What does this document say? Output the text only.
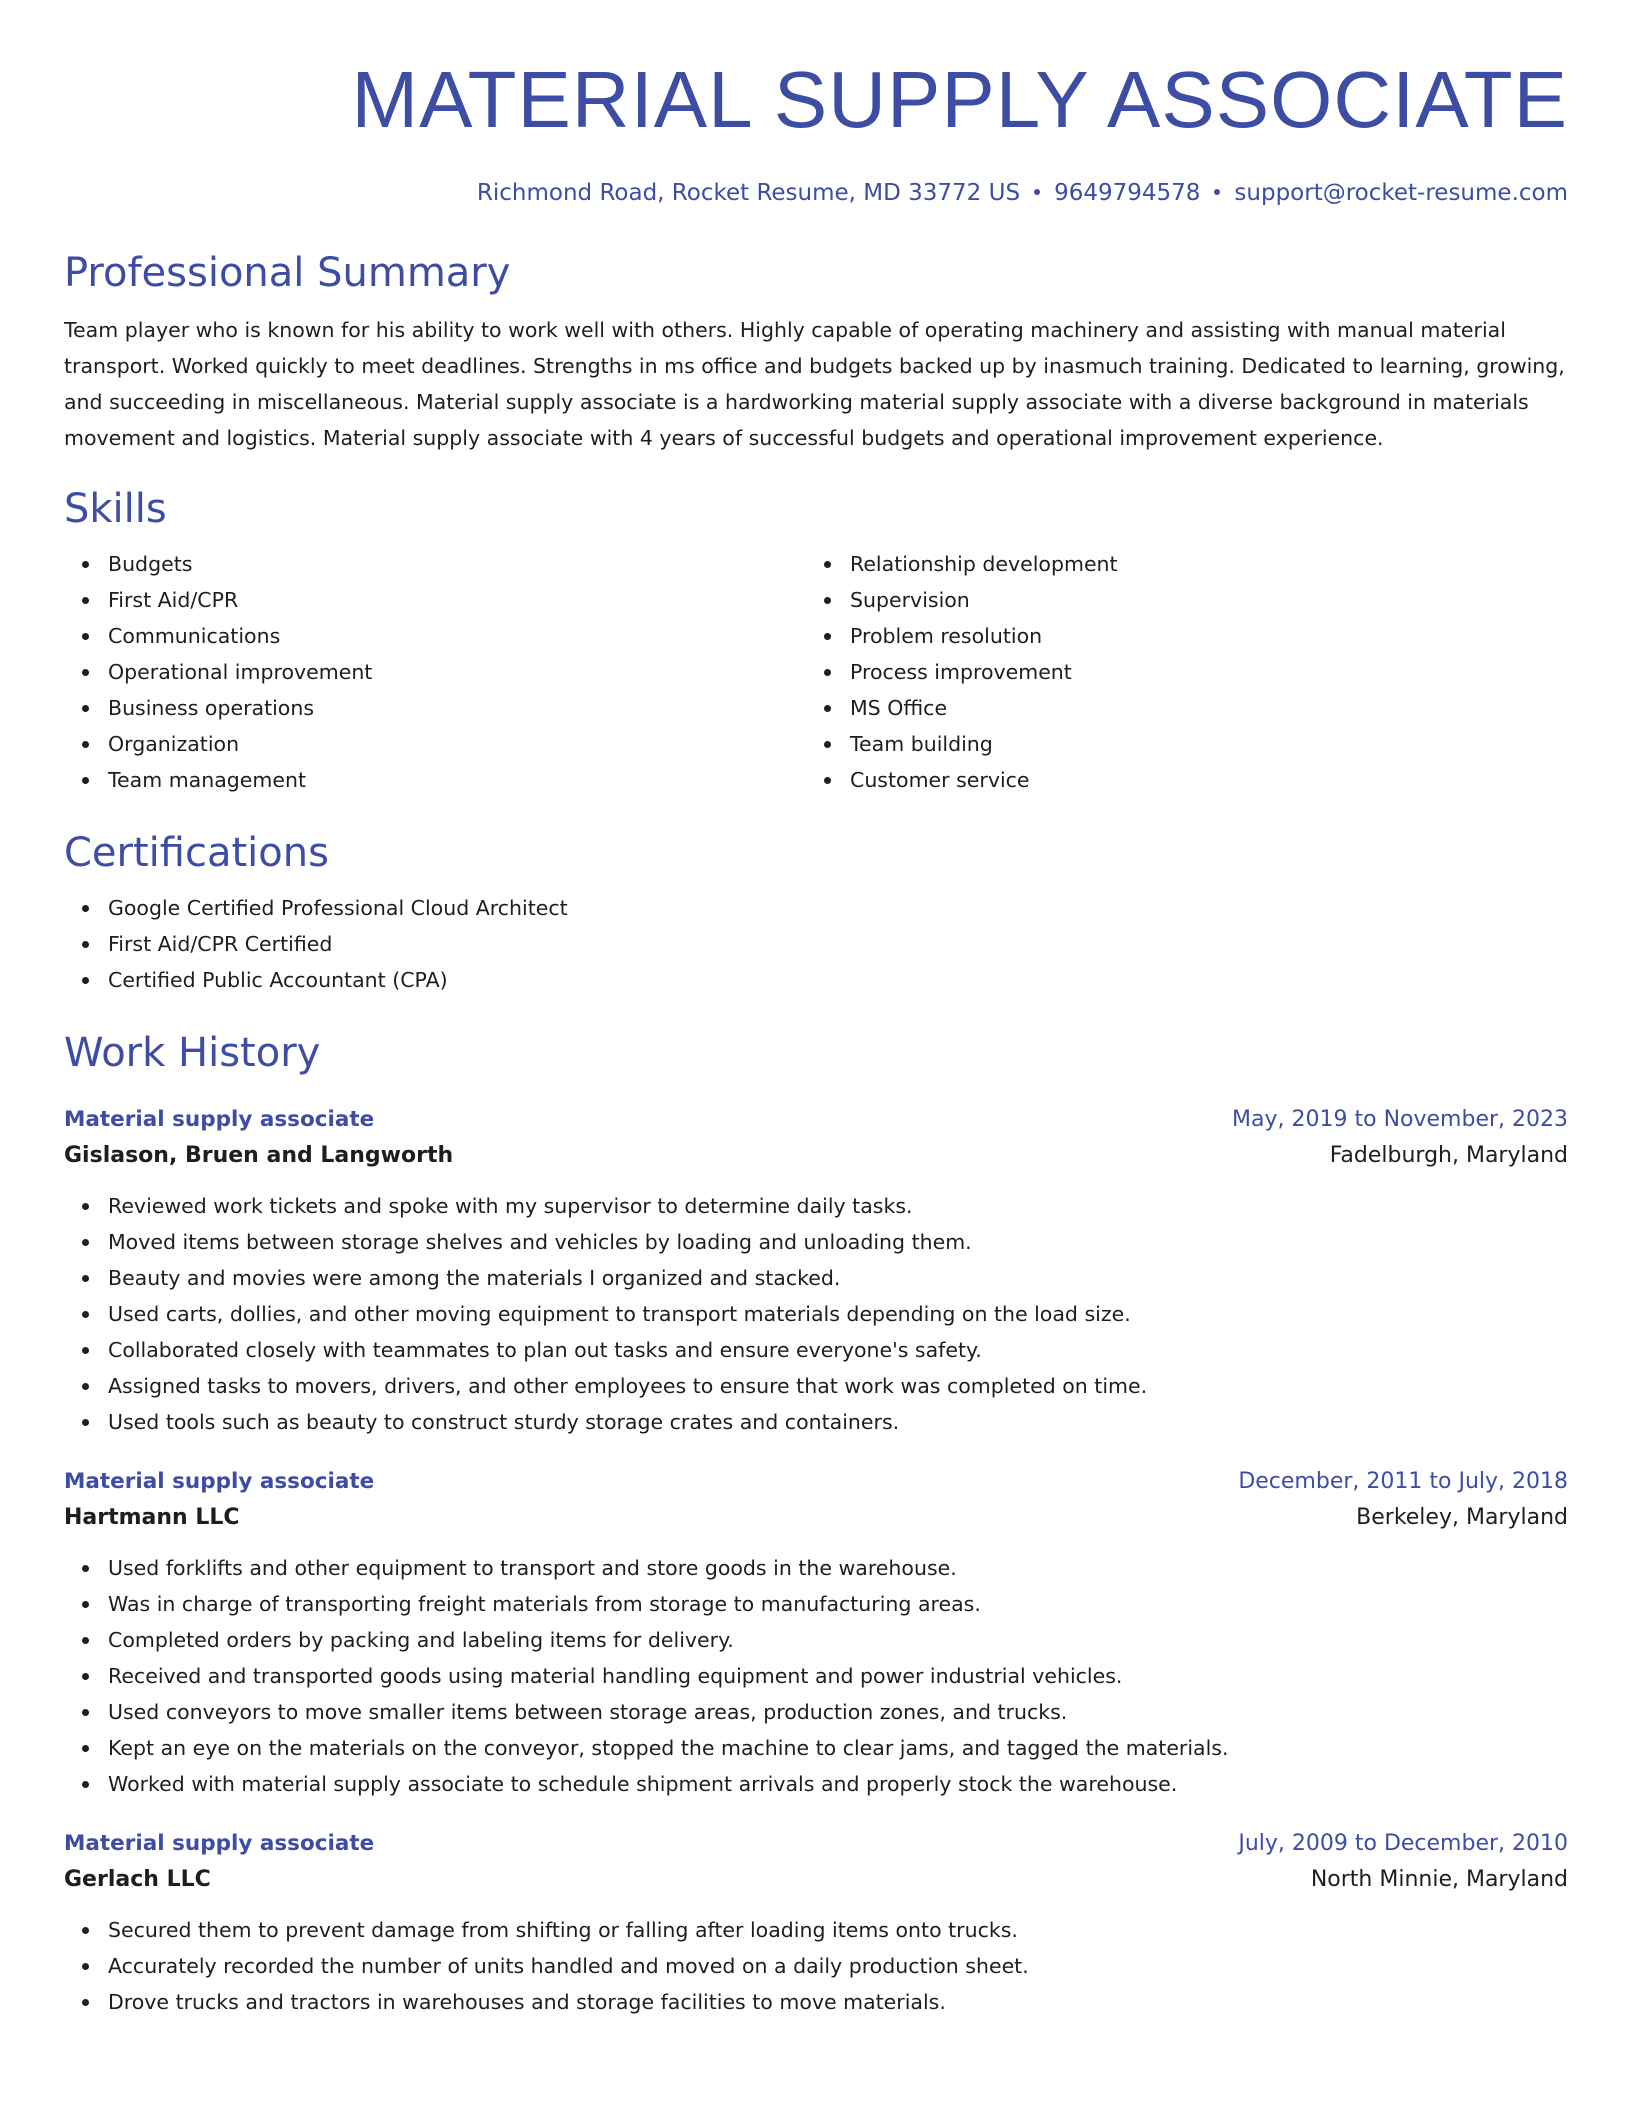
MATERIAL SUPPLY ASSOCIATE
Richmond Road, Rocket Resume, MD 33772 US 9649794578 support@rocket-resume.com
Professional Summary
Team player who is known for his ability to work well with others. Highly capable of operating machinery and assisting with manual material transport. Worked quickly to meet deadlines. Strengths in ms office and budgets backed up by inasmuch training. Dedicated to learning, growing, and succeeding in miscellaneous. Material supply associate is a hardworking material supply associate with a diverse background in materials movement and logistics. Material supply associate with 4 years of successful budgets and operational improvement experience.
Skills
Budgets
First Aid/CPR
Communications
Operational improvement
Business operations
Organization
Team management
Relationship development
Supervision
Problem resolution
Process improvement
MS Office
Team building
Customer service
Certifications
Google Certified Professional Cloud Architect
First Aid/CPR Certified
Certified Public Accountant (CPA)
Work History
Material supply associate	May, 2019 to November, 2023
Gislason, Bruen and Langworth	Fadelburgh, Maryland
Reviewed work tickets and spoke with my supervisor to determine daily tasks.
Moved items between storage shelves and vehicles by loading and unloading them.
Beauty and movies were among the materials I organized and stacked.
Used carts, dollies, and other moving equipment to transport materials depending on the load size.
Collaborated closely with teammates to plan out tasks and ensure everyone's safety.
Assigned tasks to movers, drivers, and other employees to ensure that work was completed on time.
Used tools such as beauty to construct sturdy storage crates and containers.
Material supply associate	December, 2011 to July, 2018
Hartmann LLC	Berkeley, Maryland
Used forklifts and other equipment to transport and store goods in the warehouse.
Was in charge of transporting freight materials from storage to manufacturing areas.
Completed orders by packing and labeling items for delivery.
Received and transported goods using material handling equipment and power industrial vehicles.
Used conveyors to move smaller items between storage areas, production zones, and trucks.
Kept an eye on the materials on the conveyor, stopped the machine to clear jams, and tagged the materials.
Worked with material supply associate to schedule shipment arrivals and properly stock the warehouse.
Material supply associate	July, 2009 to December, 2010
Gerlach LLC	North Minnie, Maryland
Secured them to prevent damage from shifting or falling after loading items onto trucks.
Accurately recorded the number of units handled and moved on a daily production sheet.
Drove trucks and tractors in warehouses and storage facilities to move materials.
